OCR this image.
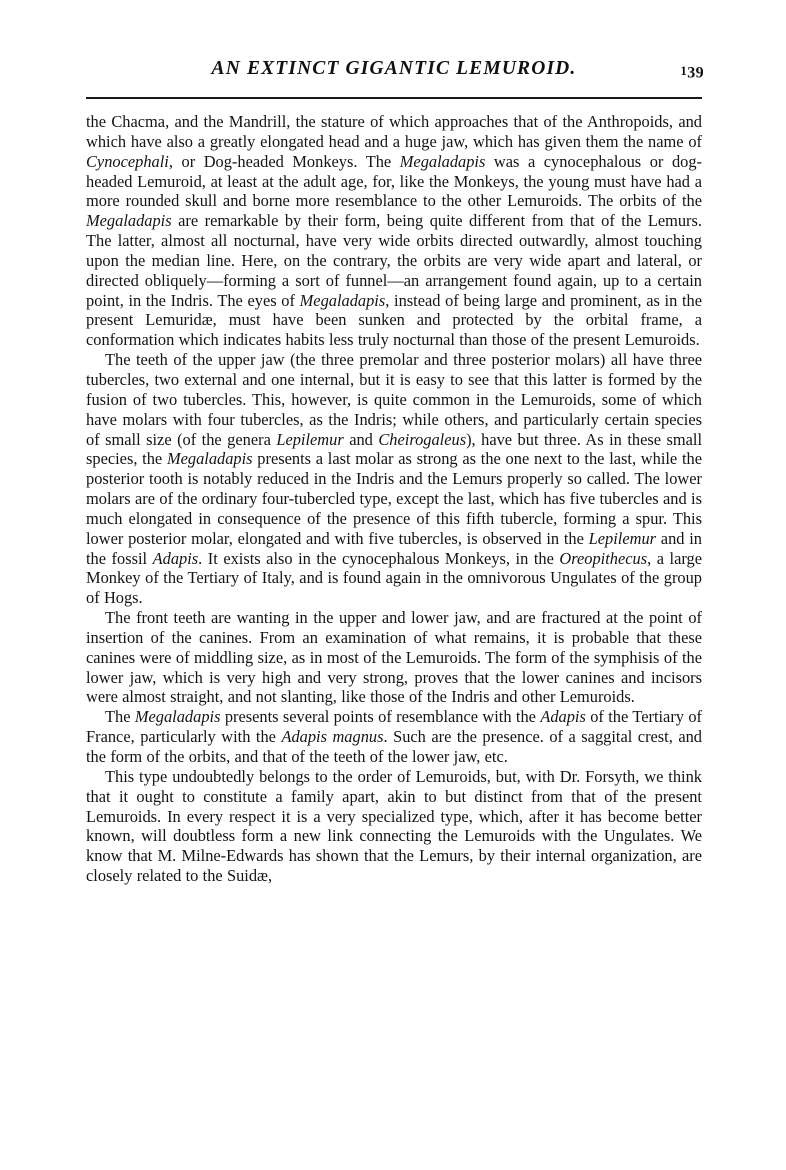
AN EXTINCT GIGANTIC LEMUROID.	139

the Chacma, and the Mandrill, the stature of which approaches that of the Anthropoids, and which have also a greatly elongated head and a huge jaw, which has given them the name of Cynocephali, or Dog-headed Monkeys. The Megaladapis was a cynocephalous or dog-headed Lemuroid, at least at the adult age, for, like the Monkeys, the young must have had a more rounded skull and borne more resemblance to the other Lemuroids. The orbits of the Megaladapis are remarkable by their form, being quite different from that of the Lemurs. The latter, almost all nocturnal, have very wide orbits directed outwardly, almost touching upon the median line. Here, on the contrary, the orbits are very wide apart and lateral, or directed obliquely—forming a sort of funnel—an arrangement found again, up to a certain point, in the Indris. The eyes of Megaladapis, instead of being large and prominent, as in the present Lemuridæ, must have been sunken and protected by the orbital frame, a conformation which indicates habits less truly nocturnal than those of the present Lemuroids.

The teeth of the upper jaw (the three premolar and three posterior molars) all have three tubercles, two external and one internal, but it is easy to see that this latter is formed by the fusion of two tubercles. This, however, is quite common in the Lemuroids, some of which have molars with four tubercles, as the Indris; while others, and particularly certain species of small size (of the genera Lepilemur and Cheirogaleus), have but three. As in these small species, the Megaladapis presents a last molar as strong as the one next to the last, while the posterior tooth is notably reduced in the Indris and the Lemurs properly so called. The lower molars are of the ordinary four-tubercled type, except the last, which has five tubercles and is much elongated in consequence of the presence of this fifth tubercle, forming a spur. This lower posterior molar, elongated and with five tubercles, is observed in the Lepilemur and in the fossil Adapis. It exists also in the cynocephalous Monkeys, in the Oreopithecus, a large Monkey of the Tertiary of Italy, and is found again in the omnivorous Ungulates of the group of Hogs.

The front teeth are wanting in the upper and lower jaw, and are fractured at the point of insertion of the canines. From an examination of what remains, it is probable that these canines were of middling size, as in most of the Lemuroids. The form of the symphisis of the lower jaw, which is very high and very strong, proves that the lower canines and incisors were almost straight, and not slanting, like those of the Indris and other Lemuroids.

The Megaladapis presents several points of resemblance with the Adapis of the Tertiary of France, particularly with the Adapis magnus. Such are the presence. of a saggital crest, and the form of the orbits, and that of the teeth of the lower jaw, etc.

This type undoubtedly belongs to the order of Lemuroids, but, with Dr. Forsyth, we think that it ought to constitute a family apart, akin to but distinct from that of the present Lemuroids. In every respect it is a very specialized type, which, after it has become better known, will doubtless form a new link connecting the Lemuroids with the Ungulates. We know that M. Milne-Edwards has shown that the Lemurs, by their internal organization, are closely related to the Suidæ,
